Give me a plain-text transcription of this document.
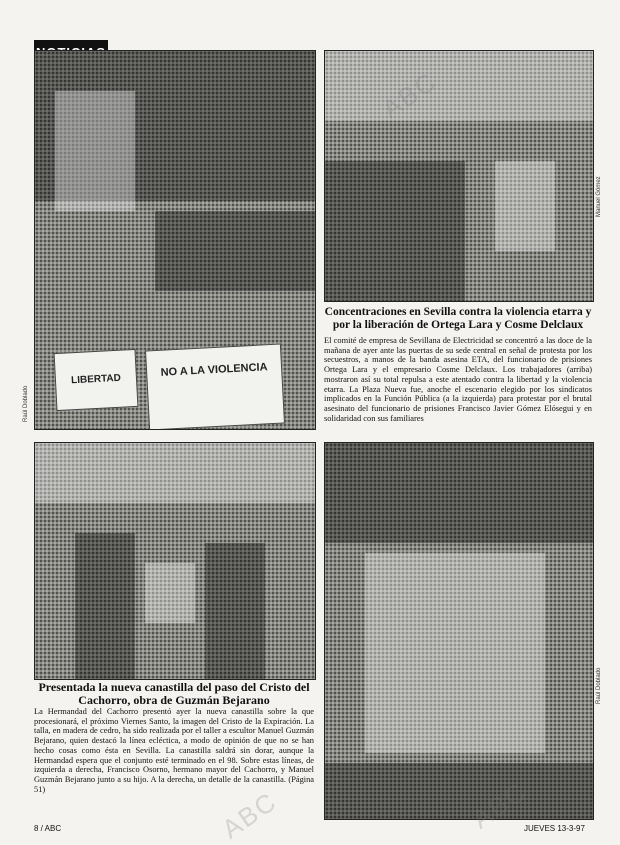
LIBERTAD
NO A LA VIOLENCIA
Raúl Doblado
Manuel Gómez

Concentraciones en Sevilla contra la violencia etarra y por la liberación de Ortega Lara y Cosme Delclaux

El comité de empresa de Sevillana de Electricidad se concentró a las doce de la mañana de ayer ante las puertas de su sede central en señal de protesta por los secuestros, a manos de la banda asesina ETA, del funcionario de prisiones Ortega Lara y el empresario Cosme Delclaux. Los trabajadores (arriba) mostraron así su total repulsa a este atentado contra la libertad y la violencia etarra. La Plaza Nueva fue, anoche el escenario elegido por los sindicatos implicados en la Función Pública (a la izquierda) para protestar por el brutal asesinato del funcionario de prisiones Francisco Javier Gómez Elósegui y en solidaridad con sus familiares

Presentada la nueva canastilla del paso del Cristo del Cachorro, obra de Guzmán Bejarano

La Hermandad del Cachorro presentó ayer la nueva canastilla sobre la que procesionará, el próximo Viernes Santo, la imagen del Cristo de la Expiración. La talla, en madera de cedro, ha sido realizada por el taller a escultor Manuel Guzmán Bejarano, quien destacó la línea ecléctica, a modo de opinión de que no se han hecho cosas como ésta en Sevilla. La canastilla saldrá sin dorar, aunque la Hermandad espera que el conjunto esté terminado en el 98. Sobre estas líneas, de izquierda a derecha, Francisco Osorno, hermano mayor del Cachorro, y Manuel Guzmán Bejarano junto a su hijo. A la derecha, un detalle de la canastilla. (Página 51)

Raúl Doblado
8 / ABC	JUEVES 13-3-97
ABC
ABC	ABC
